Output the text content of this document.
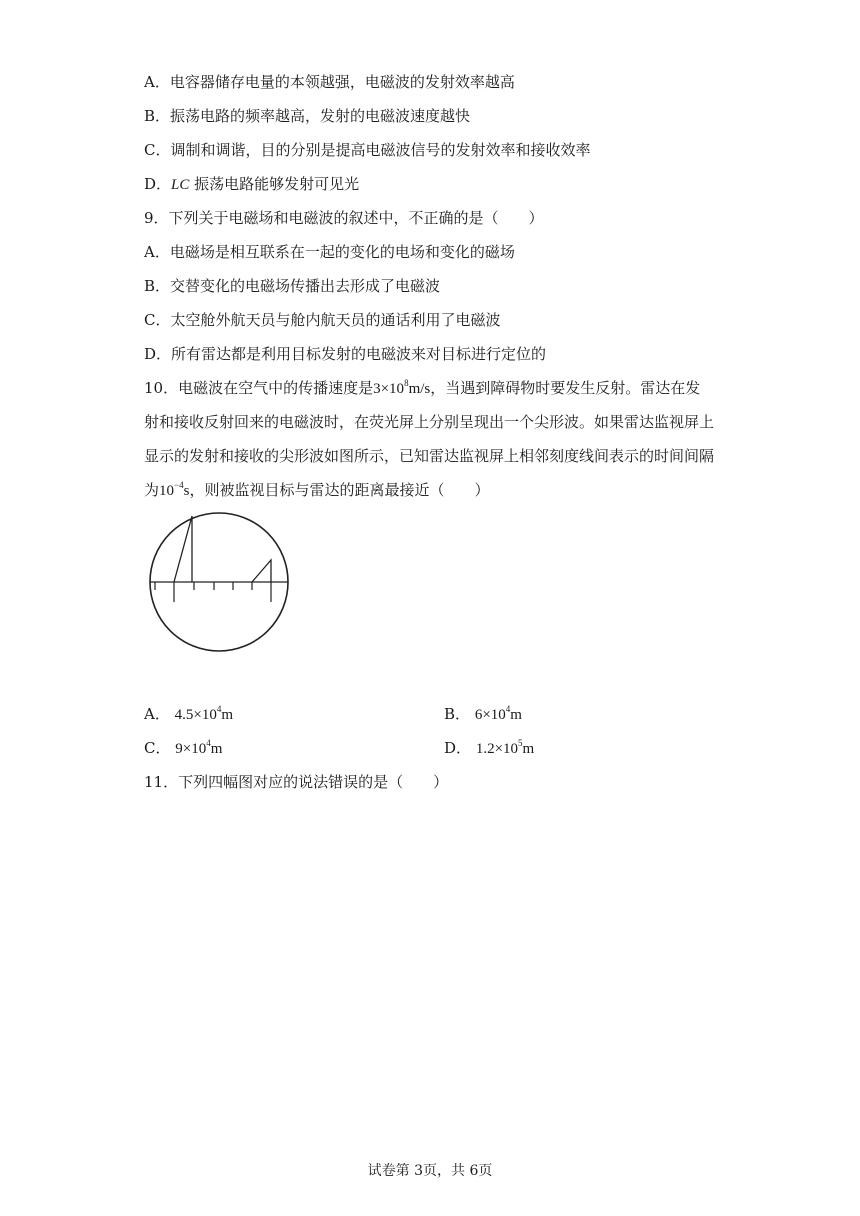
A．电容器储存电量的本领越强，电磁波的发射效率越高
B．振荡电路的频率越高，发射的电磁波速度越快
C．调制和调谐，目的分别是提高电磁波信号的发射效率和接收效率
D．LC 振荡电路能够发射可见光
9．下列关于电磁场和电磁波的叙述中，不正确的是（　　）
A．电磁场是相互联系在一起的变化的电场和变化的磁场
B．交替变化的电磁场传播出去形成了电磁波
C．太空舱外航天员与舱内航天员的通话利用了电磁波
D．所有雷达都是利用目标发射的电磁波来对目标进行定位的
10．电磁波在空气中的传播速度是$3\times 10^8m/s$，当遇到障碍物时要发生反射。雷达在发
射和接收反射回来的电磁波时，在荧光屏上分别呈现出一个尖形波。如果雷达监视屏上
显示的发射和接收的尖形波如图所示，已知雷达监视屏上相邻刻度线间表示的时间间隔
为$10^{-4}s$，则被监视目标与雷达的距离最接近（　　）
A． $4.5\times 10^4m$	B． $6\times 10^4m$
C． $9\times 10^4m$	D． $1.2\times 10^5m$
11．下列四幅图对应的说法错误的是（　　）
试卷第 3页，共 6页
